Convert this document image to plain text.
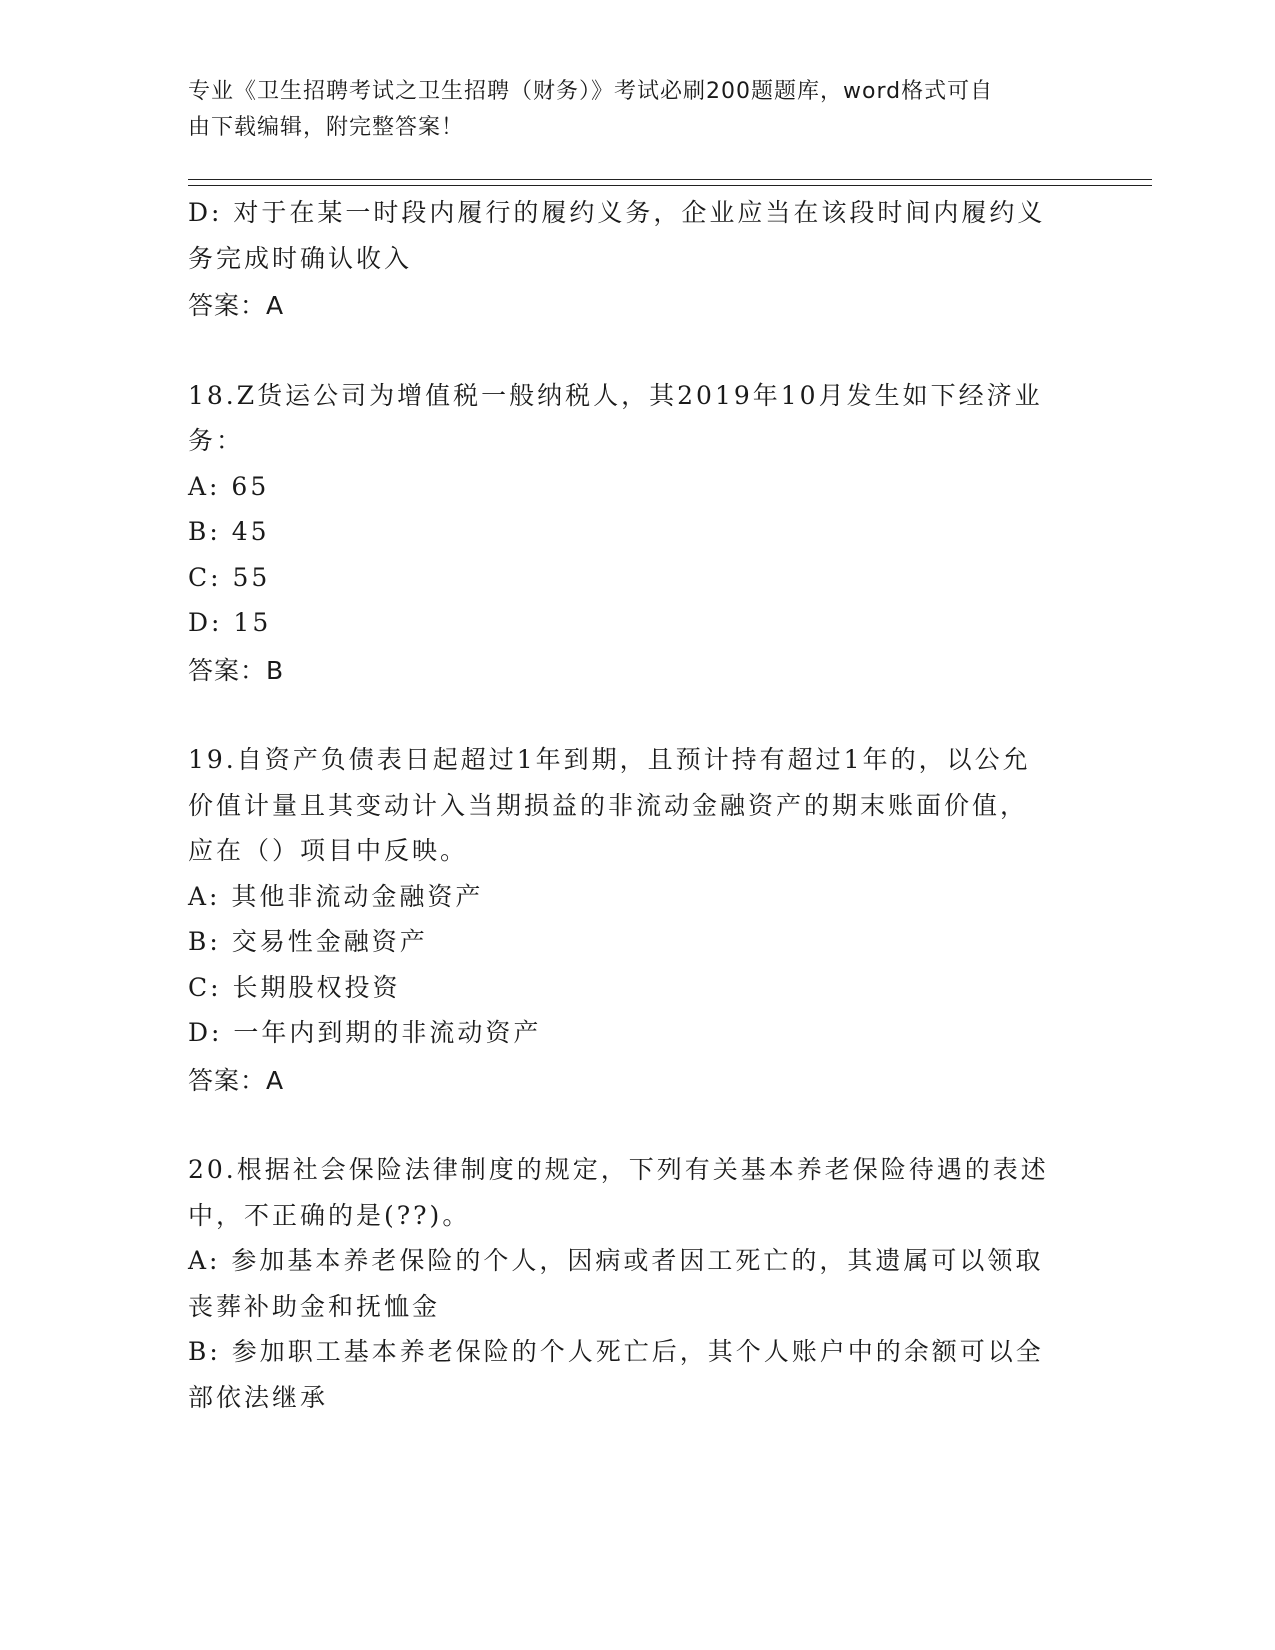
专业《卫生招聘考试之卫生招聘（财务）》考试必刷200题题库，word格式可自
由下载编辑，附完整答案！
D: 对于在某一时段内履行的履约义务，企业应当在该段时间内履约义
务完成时确认收入
答案：A
18.Z货运公司为增值税一般纳税人，其2019年10月发生如下经济业
务：
A: 65
B: 45
C: 55
D: 15
答案：B
19.自资产负债表日起超过1年到期，且预计持有超过1年的，以公允
价值计量且其变动计入当期损益的非流动金融资产的期末账面价值，
应在（）项目中反映。
A: 其他非流动金融资产
B: 交易性金融资产
C: 长期股权投资
D: 一年内到期的非流动资产
答案：A
20.根据社会保险法律制度的规定，下列有关基本养老保险待遇的表述
中，不正确的是(??)。
A: 参加基本养老保险的个人，因病或者因工死亡的，其遗属可以领取
丧葬补助金和抚恤金
B: 参加职工基本养老保险的个人死亡后，其个人账户中的余额可以全
部依法继承
